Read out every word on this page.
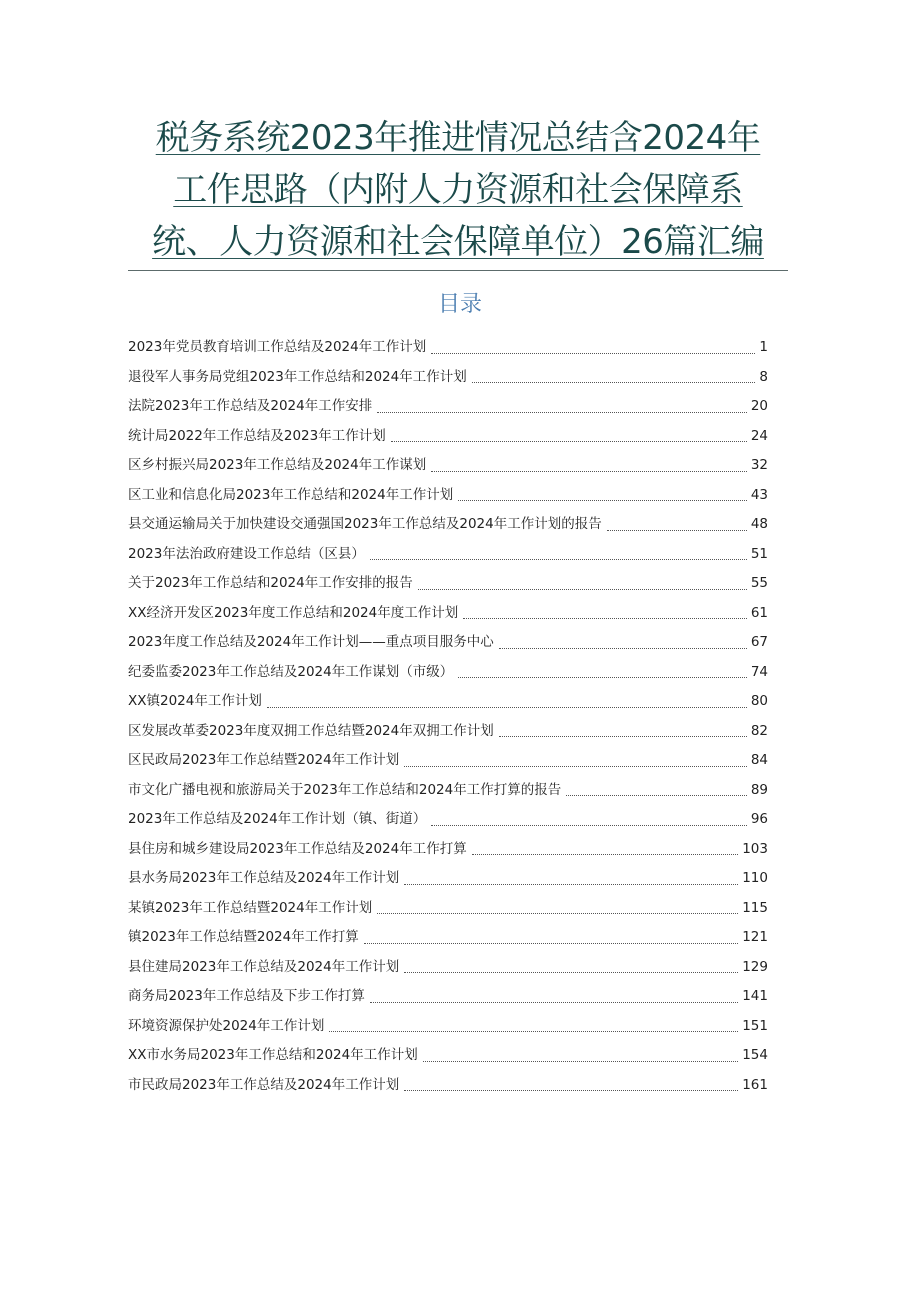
税务系统2023年推进情况总结含2024年
工作思路（内附人力资源和社会保障系
统、人力资源和社会保障单位）26篇汇编
目录
2023年党员教育培训工作总结及2024年工作计划	1
退役军人事务局党组2023年工作总结和2024年工作计划	8
法院2023年工作总结及2024年工作安排	20
统计局2022年工作总结及2023年工作计划	24
区乡村振兴局2023年工作总结及2024年工作谋划	32
区工业和信息化局2023年工作总结和2024年工作计划	43
县交通运输局关于加快建设交通强国2023年工作总结及2024年工作计划的报告	48
2023年法治政府建设工作总结（区县）	51
关于2023年工作总结和2024年工作安排的报告	55
XX经济开发区2023年度工作总结和2024年度工作计划	61
2023年度工作总结及2024年工作计划——重点项目服务中心	67
纪委监委2023年工作总结及2024年工作谋划（市级）	74
XX镇2024年工作计划	80
区发展改革委2023年度双拥工作总结暨2024年双拥工作计划	82
区民政局2023年工作总结暨2024年工作计划	84
市文化广播电视和旅游局关于2023年工作总结和2024年工作打算的报告	89
2023年工作总结及2024年工作计划（镇、街道）	96
县住房和城乡建设局2023年工作总结及2024年工作打算	103
县水务局2023年工作总结及2024年工作计划	110
某镇2023年工作总结暨2024年工作计划	115
镇2023年工作总结暨2024年工作打算	121
县住建局2023年工作总结及2024年工作计划	129
商务局2023年工作总结及下步工作打算	141
环境资源保护处2024年工作计划	151
XX市水务局2023年工作总结和2024年工作计划	154
市民政局2023年工作总结及2024年工作计划	161
